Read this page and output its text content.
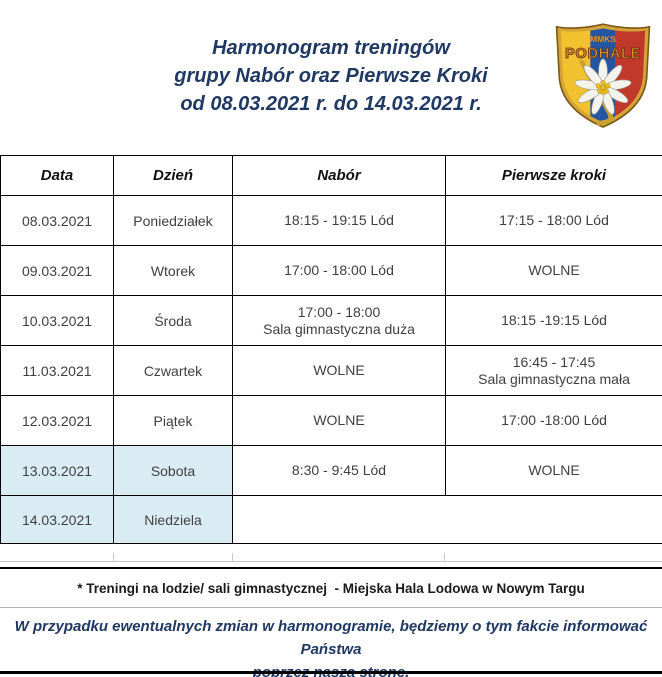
Harmonogram treningów
grupy Nabór oraz Pierwsze Kroki
od 08.03.2021 r. do 14.03.2021 r.
MMKS
PODHALE
Data	Dzień	Nabór	Pierwsze kroki
08.03.2021	Poniedziałek	18:15 - 19:15 Lód	17:15 - 18:00 Lód

09.03.2021	Wtorek	17:00 - 18:00 Lód	WOLNE

10.03.2021	Środa	17:00 - 18:00
Sala gimnastyczna duża	18:15 -19:15 Lód

11.03.2021	Czwartek	WOLNE	16:45 - 17:45
Sala gimnastyczna mała

12.03.2021	Piątek	WOLNE	17:00 -18:00 Lód

13.03.2021	Sobota	8:30 - 9:45 Lód	WOLNE

14.03.2021	Niedziela		
* Treningi na lodzie/ sali gimnastycznej  - Miejska Hala Lodowa w Nowym Targu
W przypadku ewentualnych zmian w harmonogramie, będziemy o tym fakcie informować Państwa
